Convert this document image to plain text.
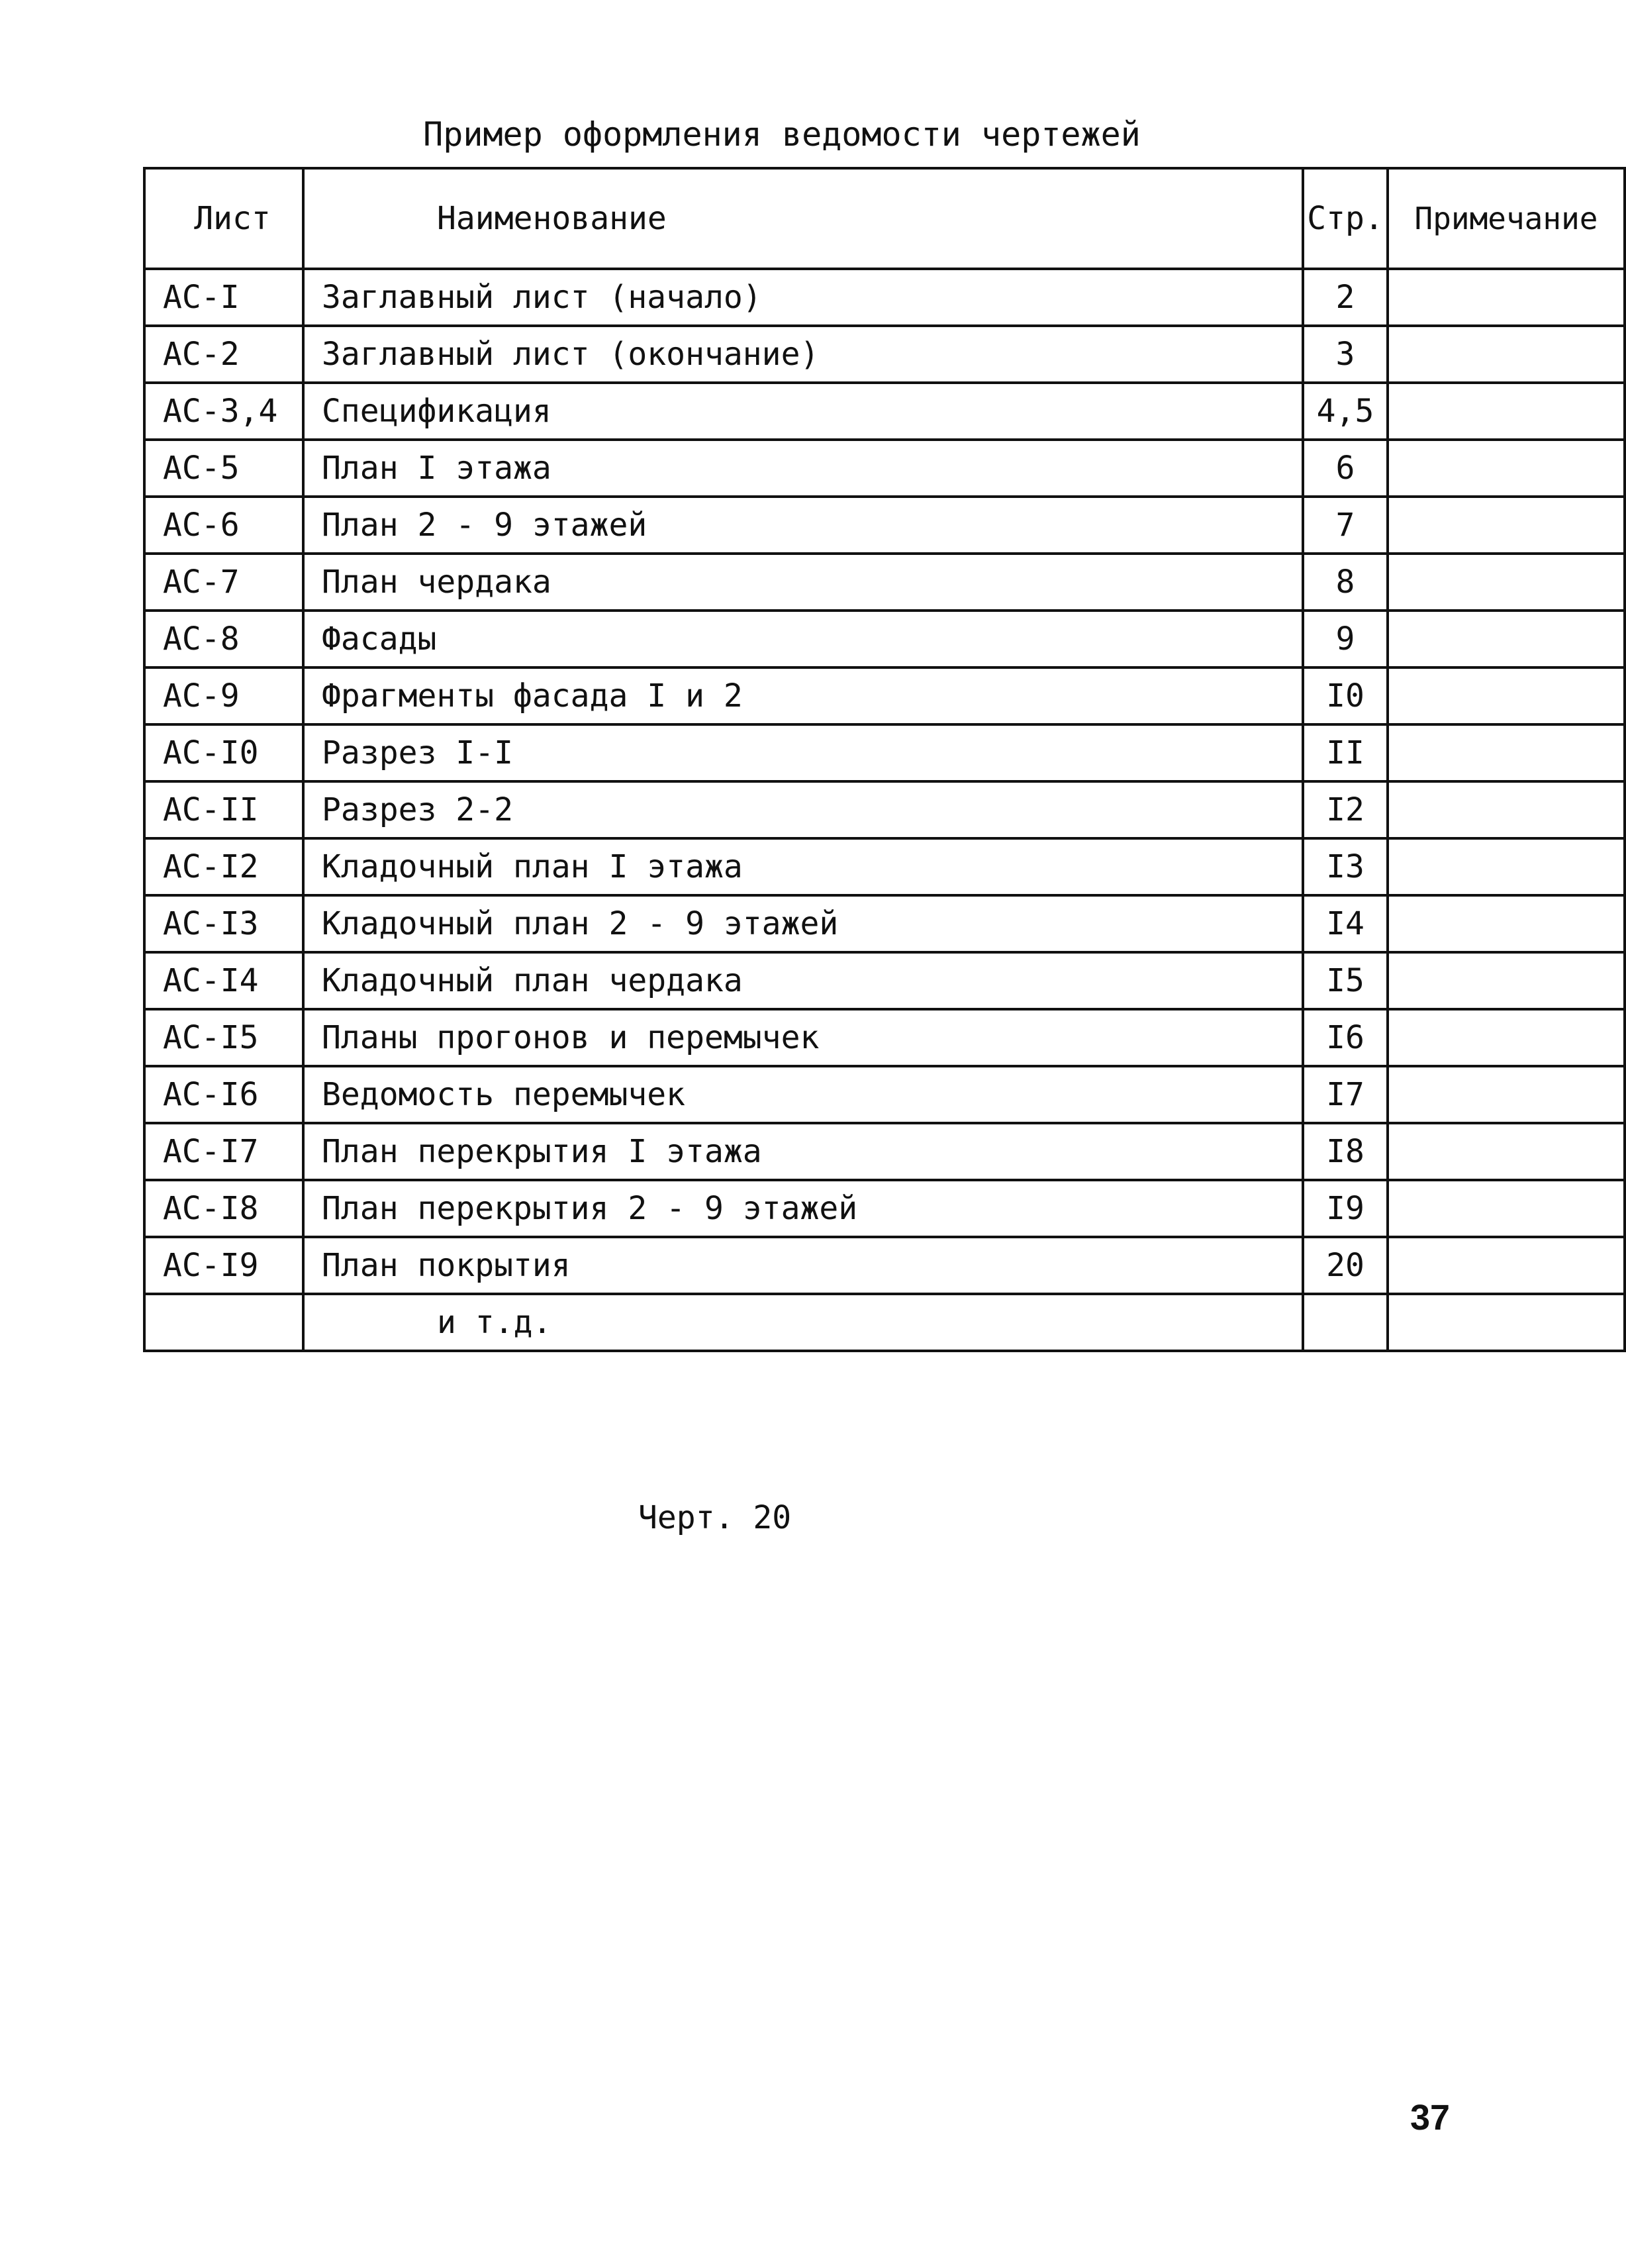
Пример оформления ведомости чертежей
Лист	Наименование	Стр.	Примечание
АС-I	Заглавный лист (начало)	2	
АС-2	Заглавный лист (окончание)	3	
АС-3,4	Спецификация	4,5	
АС-5	План I этажа	6	
АС-6	План 2 - 9 этажей	7	
АС-7	План чердака	8	
АС-8	Фасады	9	
АС-9	Фрагменты фасада I и 2	I0	
АС-I0	Разрез I-I	II	
АС-II	Разрез 2-2	I2	
АС-I2	Кладочный план I этажа	I3	
АС-I3	Кладочный план 2 - 9 этажей	I4	
АС-I4	Кладочный план чердака	I5	
АС-I5	Планы прогонов и перемычек	I6	
АС-I6	Ведомость перемычек	I7	
АС-I7	План перекрытия I этажа	I8	
АС-I8	План перекрытия 2 - 9 этажей	I9	
АС-I9	План покрытия	20	
	и т.д.		
Черт. 20
37
